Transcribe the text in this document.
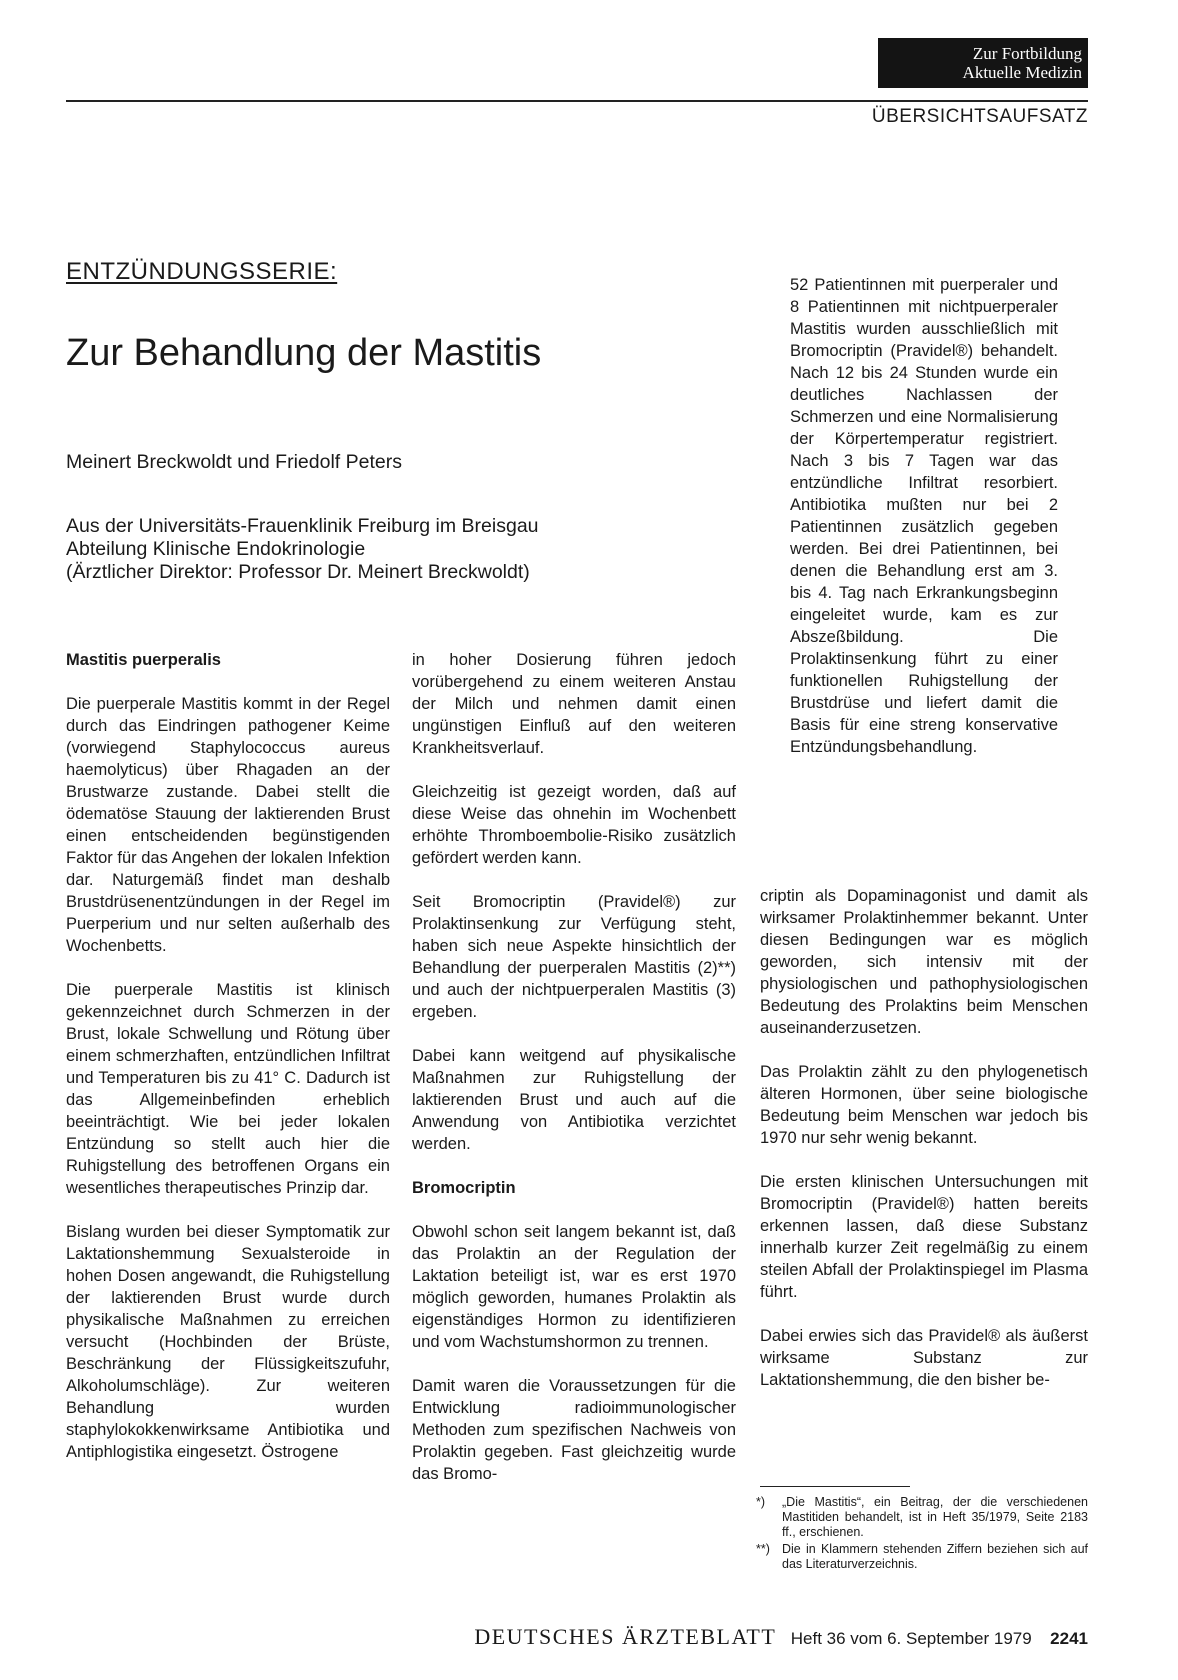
Zur Fortbildung
Aktuelle Medizin
ÜBERSICHTSAUFSATZ
ENTZÜNDUNGSSERIE:
Zur Behandlung der Mastitis
Meinert Breckwoldt und Friedolf Peters
Aus der Universitäts-Frauenklinik Freiburg im Breisgau
Abteilung Klinische Endokrinologie
(Ärztlicher Direktor: Professor Dr. Meinert Breckwoldt)
Mastitis puerperalis

Die puerperale Mastitis kommt in der Regel durch das Eindringen pathogener Keime (vorwiegend Staphylococcus aureus haemolyticus) über Rhagaden an der Brustwarze zustande. Dabei stellt die ödematöse Stauung der laktierenden Brust einen entscheidenden begünstigenden Faktor für das Angehen der lokalen Infektion dar. Naturgemäß findet man deshalb Brustdrüsenentzündungen in der Regel im Puerperium und nur selten außerhalb des Wochenbetts.

Die puerperale Mastitis ist klinisch gekennzeichnet durch Schmerzen in der Brust, lokale Schwellung und Rötung über einem schmerzhaften, entzündlichen Infiltrat und Temperaturen bis zu 41° C. Dadurch ist das Allgemeinbefinden erheblich beeinträchtigt. Wie bei jeder lokalen Entzündung so stellt auch hier die Ruhigstellung des betroffenen Organs ein wesentliches therapeutisches Prinzip dar.

Bislang wurden bei dieser Symptomatik zur Laktationshemmung Sexualsteroide in hohen Dosen angewandt, die Ruhigstellung der laktierenden Brust wurde durch physikalische Maßnahmen zu erreichen versucht (Hochbinden der Brüste, Beschränkung der Flüssigkeitszufuhr, Alkoholumschläge). Zur weiteren Behandlung wurden staphylokokkenwirksame Antibiotika und Antiphlogistika eingesetzt. Östrogene

in hoher Dosierung führen jedoch vorübergehend zu einem weiteren Anstau der Milch und nehmen damit einen ungünstigen Einfluß auf den weiteren Krankheitsverlauf.

Gleichzeitig ist gezeigt worden, daß auf diese Weise das ohnehin im Wochenbett erhöhte Thromboemboliе-Risiko zusätzlich gefördert werden kann.

Seit Bromocriptin (Pravidel®) zur Prolaktinsenkung zur Verfügung steht, haben sich neue Aspekte hinsichtlich der Behandlung der puerperalen Mastitis (2)**) und auch der nichtpuerperalen Mastitis (3) ergeben.

Dabei kann weitgend auf physikalische Maßnahmen zur Ruhigstellung der laktierenden Brust und auch auf die Anwendung von Antibiotika verzichtet werden.

Bromocriptin

Obwohl schon seit langem bekannt ist, daß das Prolaktin an der Regulation der Laktation beteiligt ist, war es erst 1970 möglich geworden, humanes Prolaktin als eigenständiges Hormon zu identifizieren und vom Wachstumshormon zu trennen.

Damit waren die Voraussetzungen für die Entwicklung radioimmunologischer Methoden zum spezifischen Nachweis von Prolaktin gegeben. Fast gleichzeitig wurde das Bromo-

52 Patientinnen mit puerperaler und 8 Patientinnen mit nichtpuerperaler Mastitis wurden ausschließlich mit Bromocriptin (Pravidel®) behandelt. Nach 12 bis 24 Stunden wurde ein deutliches Nachlassen der Schmerzen und eine Normalisierung der Körpertemperatur registriert. Nach 3 bis 7 Tagen war das entzündliche Infiltrat resorbiert. Antibiotika mußten nur bei 2 Patientinnen zusätzlich gegeben werden. Bei drei Patientinnen, bei denen die Behandlung erst am 3. bis 4. Tag nach Erkrankungsbeginn eingeleitet wurde, kam es zur Abszeßbildung. Die Prolaktinsenkung führt zu einer funktionellen Ruhigstellung der Brustdrüse und liefert damit die Basis für eine streng konservative Entzündungsbehandlung.

criptin als Dopaminagonist und damit als wirksamer Prolaktinhemmer bekannt. Unter diesen Bedingungen war es möglich geworden, sich intensiv mit der physiologischen und pathophysiologischen Bedeutung des Prolaktins beim Menschen auseinanderzusetzen.

Das Prolaktin zählt zu den phylogenetisch älteren Hormonen, über seine biologische Bedeutung beim Menschen war jedoch bis 1970 nur sehr wenig bekannt.

Die ersten klinischen Untersuchungen mit Bromocriptin (Pravidel®) hatten bereits erkennen lassen, daß diese Substanz innerhalb kurzer Zeit regelmäßig zu einem steilen Abfall der Prolaktinspiegel im Plasma führt.

Dabei erwies sich das Pravidel® als äußerst wirksame Substanz zur Laktationshemmung, die den bisher be-

*)	„Die Mastitis“, ein Beitrag, der die verschiedenen Mastitiden behandelt, ist in Heft 35/1979, Seite 2183 ff., erschienen.
**) Die in Klammern stehenden Ziffern beziehen sich auf das Literaturverzeichnis.
DEUTSCHES ÄRZTEBLATT Heft 36 vom 6. September 1979 2241
